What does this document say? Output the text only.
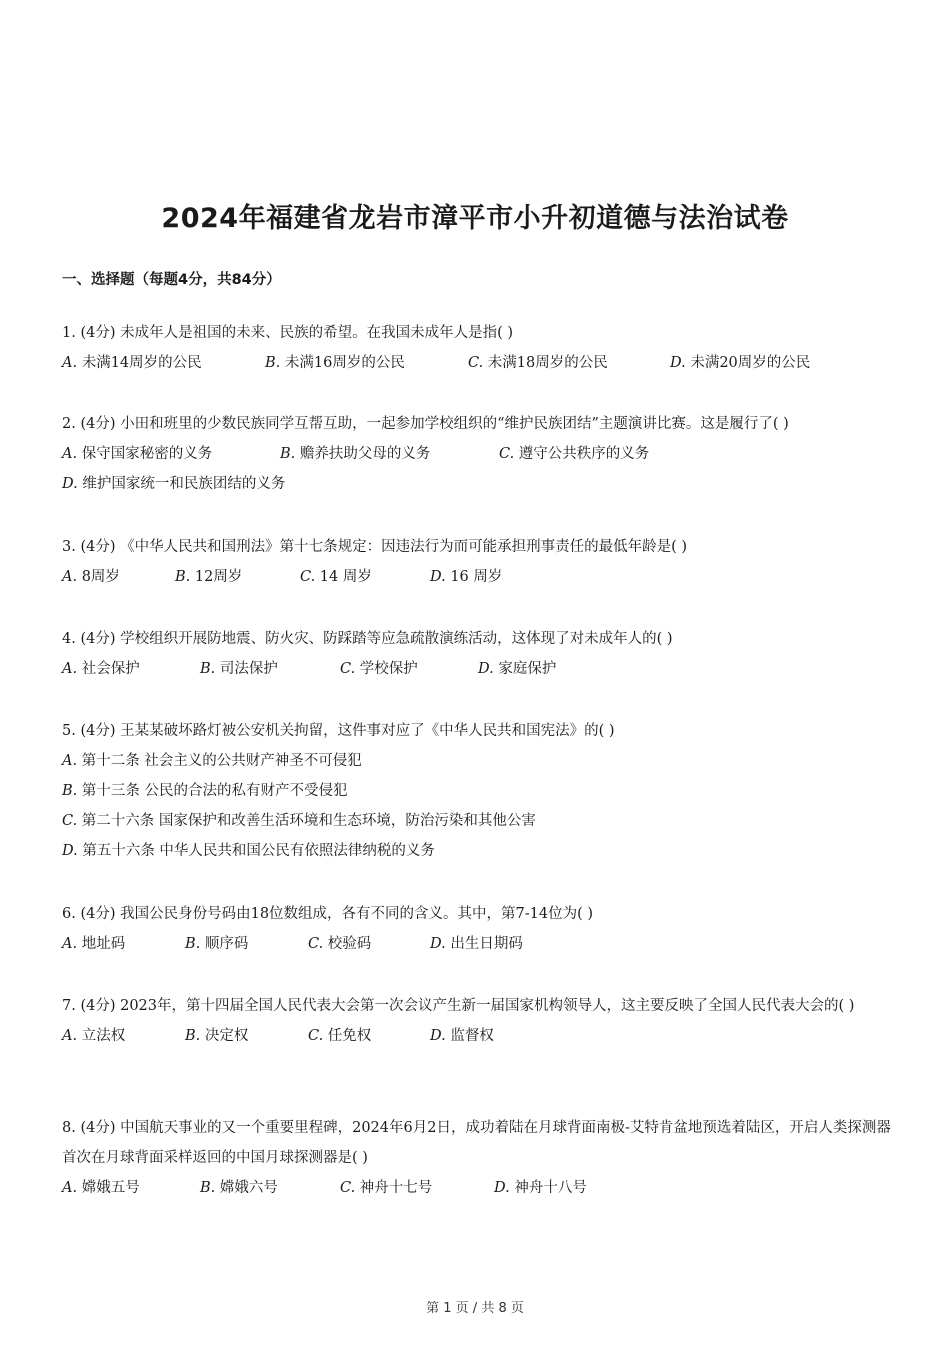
2024年福建省龙岩市漳平市小升初道德与法治试卷
一、选择题（每题4分，共84分）
1. (4分) 未成年人是祖国的未来、民族的希望。在我国未成年人是指( )
A. 未满14周岁的公民	B. 未满16周岁的公民	C. 未满18周岁的公民	D. 未满20周岁的公民
2. (4分) 小田和班里的少数民族同学互帮互助，一起参加学校组织的“维护民族团结”主题演讲比赛。这是履行了( )
A. 保守国家秘密的义务	B. 赡养扶助父母的义务	C. 遵守公共秩序的义务
D. 维护国家统一和民族团结的义务
3. (4分) 《中华人民共和国刑法》第十七条规定：因违法行为而可能承担刑事责任的最低年龄是( )
A. 8周岁	B. 12周岁	C. 14 周岁	D. 16 周岁
4. (4分) 学校组织开展防地震、防火灾、防踩踏等应急疏散演练活动，这体现了对未成年人的( )
A. 社会保护	B. 司法保护	C. 学校保护	D. 家庭保护
5. (4分) 王某某破坏路灯被公安机关拘留，这件事对应了《中华人民共和国宪法》的( )
A. 第十二条 社会主义的公共财产神圣不可侵犯
B. 第十三条 公民的合法的私有财产不受侵犯
C. 第二十六条 国家保护和改善生活环境和生态环境，防治污染和其他公害
D. 第五十六条 中华人民共和国公民有依照法律纳税的义务
6. (4分) 我国公民身份号码由18位数组成，各有不同的含义。其中，第7-14位为( )
A. 地址码	B. 顺序码	C. 校验码	D. 出生日期码
7. (4分) 2023年，第十四届全国人民代表大会第一次会议产生新一届国家机构领导人，这主要反映了全国人民代表大会的( )
A. 立法权	B. 决定权	C. 任免权	D. 监督权
8. (4分) 中国航天事业的又一个重要里程碑，2024年6月2日，成功着陆在月球背面南极-艾特肯盆地预选着陆区，开启人类探测器首次在月球背面采样返回的中国月球探测器是( )
A. 嫦娥五号	B. 嫦娥六号	C. 神舟十七号	D. 神舟十八号
第 1 页 / 共 8 页
